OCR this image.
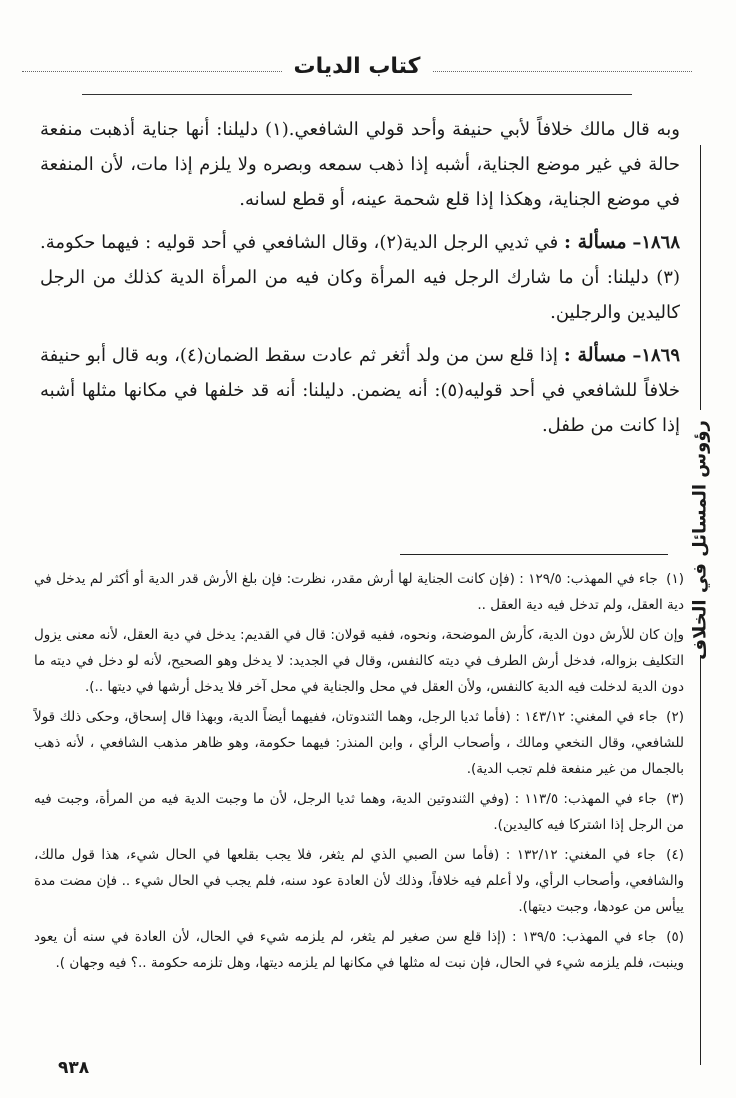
كتاب الديات
رؤوس المسائل في الخلاف

وبه قال مالك خلافاً لأبي حنيفة وأحد قولي الشافعي.(١) دليلنا: أنها جناية أذهبت منفعة حالة في غير موضع الجناية، أشبه إذا ذهب سمعه وبصره ولا يلزم إذا مات، لأن المنفعة في موضع الجناية، وهكذا إذا قلع شحمة عينه، أو قطع لسانه.

١٨٦٨– مسألة : في ثديي الرجل الدية(٢)، وقال الشافعي في أحد قوليه : فيهما حكومة.(٣) دليلنا: أن ما شارك الرجل فيه المرأة وكان فيه من المرأة الدية كذلك من الرجل كاليدين والرجلين.

١٨٦٩– مسألة : إذا قلع سن من ولد أثغر ثم عادت سقط الضمان(٤)، وبه قال أبو حنيفة خلافاً للشافعي في أحد قوليه(٥): أنه يضمن. دليلنا: أنه قد خلفها في مكانها مثلها أشبه إذا كانت من طفل.

(١) جاء في المهذب: ١٢٩/٥ : (فإن كانت الجناية لها أرش مقدر، نظرت: فإن بلغ الأرش قدر الدية أو أكثر لم يدخل في دية العقل، ولم تدخل فيه دية العقل ..

وإن كان للأرش دون الدية، كأرش الموضحة، ونحوه، ففيه قولان: قال في القديم: يدخل في دية العقل، لأنه معنى يزول التكليف بزواله، فدخل أرش الطرف في ديته كالنفس، وقال في الجديد: لا يدخل وهو الصحيح، لأنه لو دخل في ديته ما دون الدية لدخلت فيه الدية كالنفس، ولأن العقل في محل والجناية في محل آخر فلا يدخل أرشها في ديتها ..).

(٢) جاء في المغني: ١٤٣/١٢ : (فأما ثديا الرجل، وهما الثندوتان، ففيهما أيضاً الدية، وبهذا قال إسحاق، وحكى ذلك قولاً للشافعي، وقال النخعي ومالك ، وأصحاب الرأي ، وابن المنذر: فيهما حكومة، وهو ظاهر مذهب الشافعي ، لأنه ذهب بالجمال من غير منفعة فلم تجب الدية).

(٣) جاء في المهذب: ١١٣/٥ : (وفي الثندوتين الدية، وهما ثديا الرجل، لأن ما وجبت الدية فيه من المرأة، وجبت فيه من الرجل إذا اشتركا فيه كاليدين).

(٤) جاء في المغني: ١٣٢/١٢ : (فأما سن الصبي الذي لم يثغر، فلا يجب بقلعها في الحال شيء، هذا قول مالك، والشافعي، وأصحاب الرأي، ولا أعلم فيه خلافاً، وذلك لأن العادة عود سنه، فلم يجب في الحال شيء .. فإن مضت مدة ييأس من عودها، وجبت ديتها).

(٥) جاء في المهذب: ١٣٩/٥ : (إذا قلع سن صغير لم يثغر، لم يلزمه شيء في الحال، لأن العادة في سنه أن يعود وينبت، فلم يلزمه شيء في الحال، فإن نبت له مثلها في مكانها لم يلزمه ديتها، وهل تلزمه حكومة ..؟ فيه وجهان ).

٩٣٨
